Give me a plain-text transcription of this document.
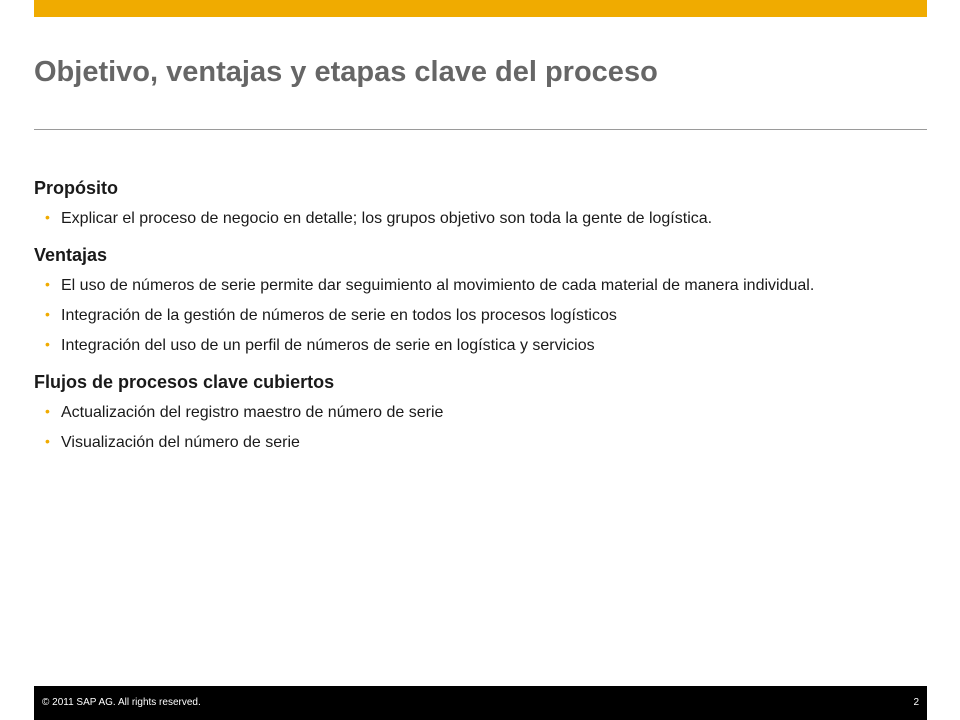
Objetivo, ventajas y etapas clave del proceso
Propósito
• Explicar el proceso de negocio en detalle; los grupos objetivo son toda la gente de logística.
Ventajas
• El uso de números de serie permite dar seguimiento al movimiento de cada material de manera individual.
• Integración de la gestión de números de serie en todos los procesos logísticos
• Integración del uso de un perfil de números de serie en logística y servicios
Flujos de procesos clave cubiertos
• Actualización del registro maestro de número de serie
• Visualización del número de serie
© 2011 SAP AG. All rights reserved.	2
